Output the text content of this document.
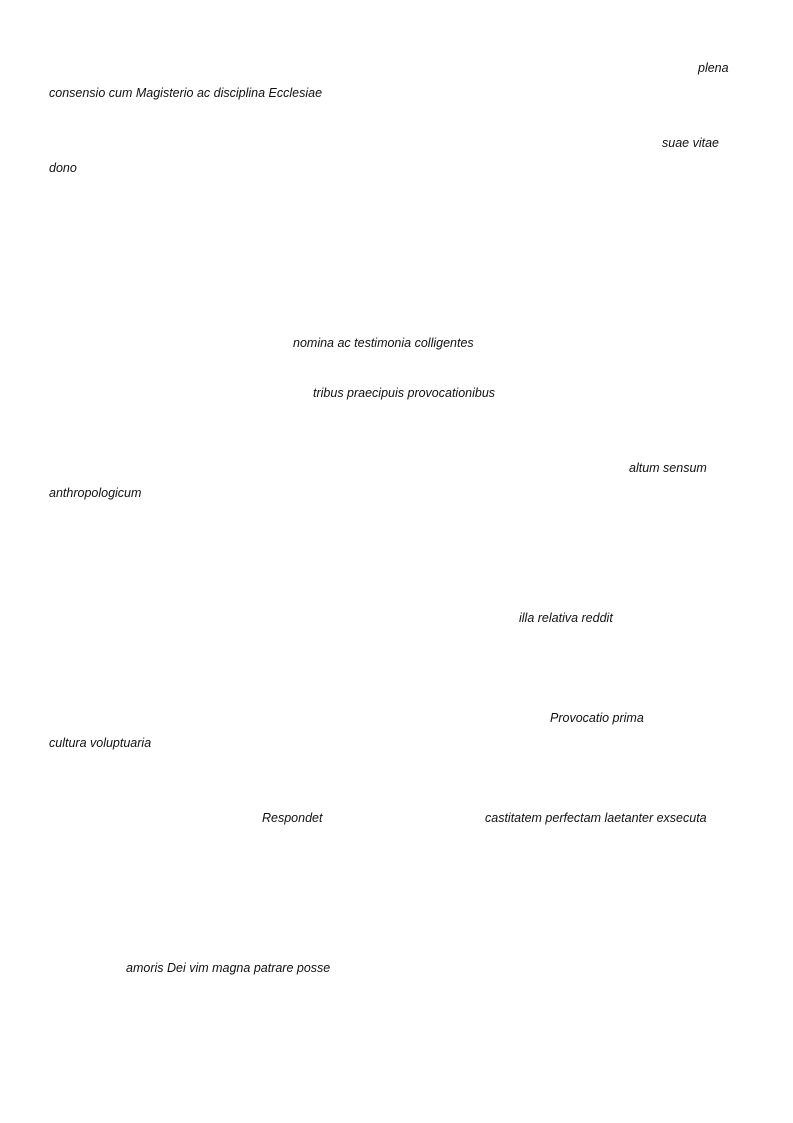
plena
consensio cum Magisterio ac disciplina Ecclesiae
suae vitae
dono
nomina ac testimonia colligentes
tribus praecipuis provocationibus
altum sensum
anthropologicum
illa relativa reddit
Provocatio prima
cultura voluptuaria
Respondet	castitatem perfectam laetanter exsecuta
amoris Dei vim magna patrare posse
